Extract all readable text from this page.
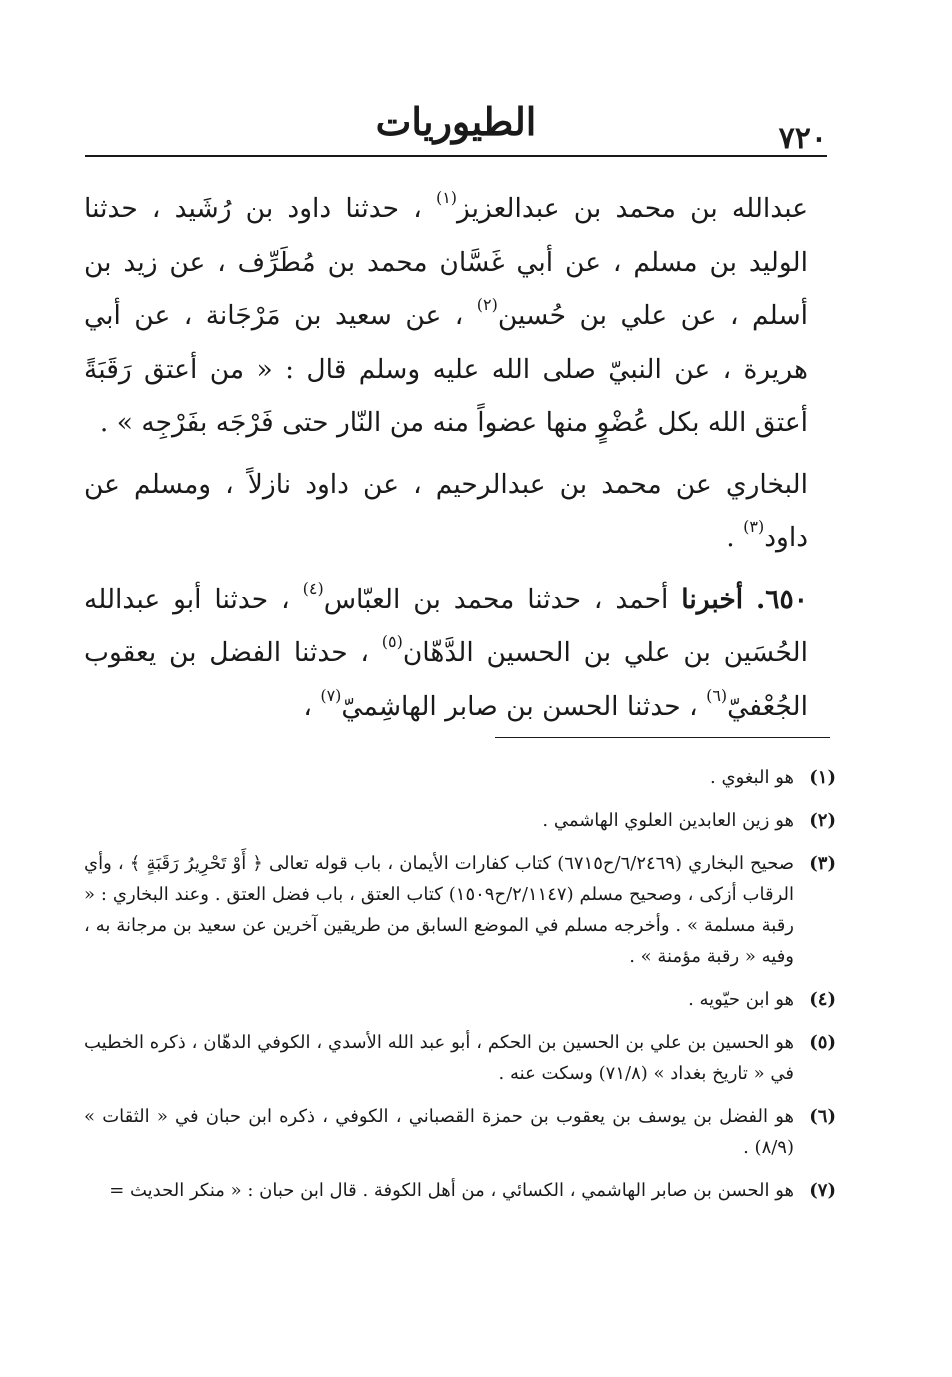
٧٢٠
الطيوريات

عبدالله بن محمد بن عبدالعزيز$^{(١)}$ ، حدثنا داود بن رُشَيد ، حدثنا الوليد بن مسلم ، عن أبي غَسَّان محمد بن مُطَرِّف ، عن زيد بن أسلم ، عن علي بن حُسين$^{(٢)}$ ، عن سعيد بن مَرْجَانة ، عن أبي هريرة ، عن النبيّ صلى الله عليه وسلم قال : « من أعتق رَقَبَةً أعتق الله بكل عُضْوٍ منها عضواً منه من النّار حتى فَرْجَه بفَرْجِه » .

البخاري عن محمد بن عبدالرحيم ، عن داود نازلاً ، ومسلم عن داود$^{(٣)}$ .

٦٥٠. أخبرنا أحمد ، حدثنا محمد بن العبّاس$^{(٤)}$ ، حدثنا أبو عبدالله الحُسَين بن علي بن الحسين الدَّهّان$^{(٥)}$ ، حدثنا الفضل بن يعقوب الجُعْفيّ$^{(٦)}$ ، حدثنا الحسن بن صابر الهاشِميّ$^{(٧)}$ ،

(١)
هو البغوي .
(٢)
هو زين العابدين العلوي الهاشمي .
(٣)
صحيح البخاري (٦/٢٤٦٩/ح٦٧١٥) كتاب كفارات الأيمان ، باب قوله تعالى ﴿ أَوْ تَحْرِيرُ رَقَبَةٍ ﴾ ، وأي الرقاب أزكى ، وصحيح مسلم (٢/١١٤٧/ح١٥٠٩) كتاب العتق ، باب فضل العتق . وعند البخاري : « رقبة مسلمة » . وأخرجه مسلم في الموضع السابق من طريقين آخرين عن سعيد بن مرجانة به ، وفيه « رقبة مؤمنة » .
(٤)
هو ابن حيّويه .
(٥)
هو الحسين بن علي بن الحسين بن الحكم ، أبو عبد الله الأسدي ، الكوفي الدهّان ، ذكره الخطيب في « تاريخ بغداد » (٧١/٨) وسكت عنه .
(٦)
هو الفضل بن يوسف بن يعقوب بن حمزة القصباني ، الكوفي ، ذكره ابن حبان في « الثقات » (٨/٩) .
(٧)
هو الحسن بن صابر الهاشمي ، الكسائي ، من أهل الكوفة . قال ابن حبان : « منكر الحديث =
